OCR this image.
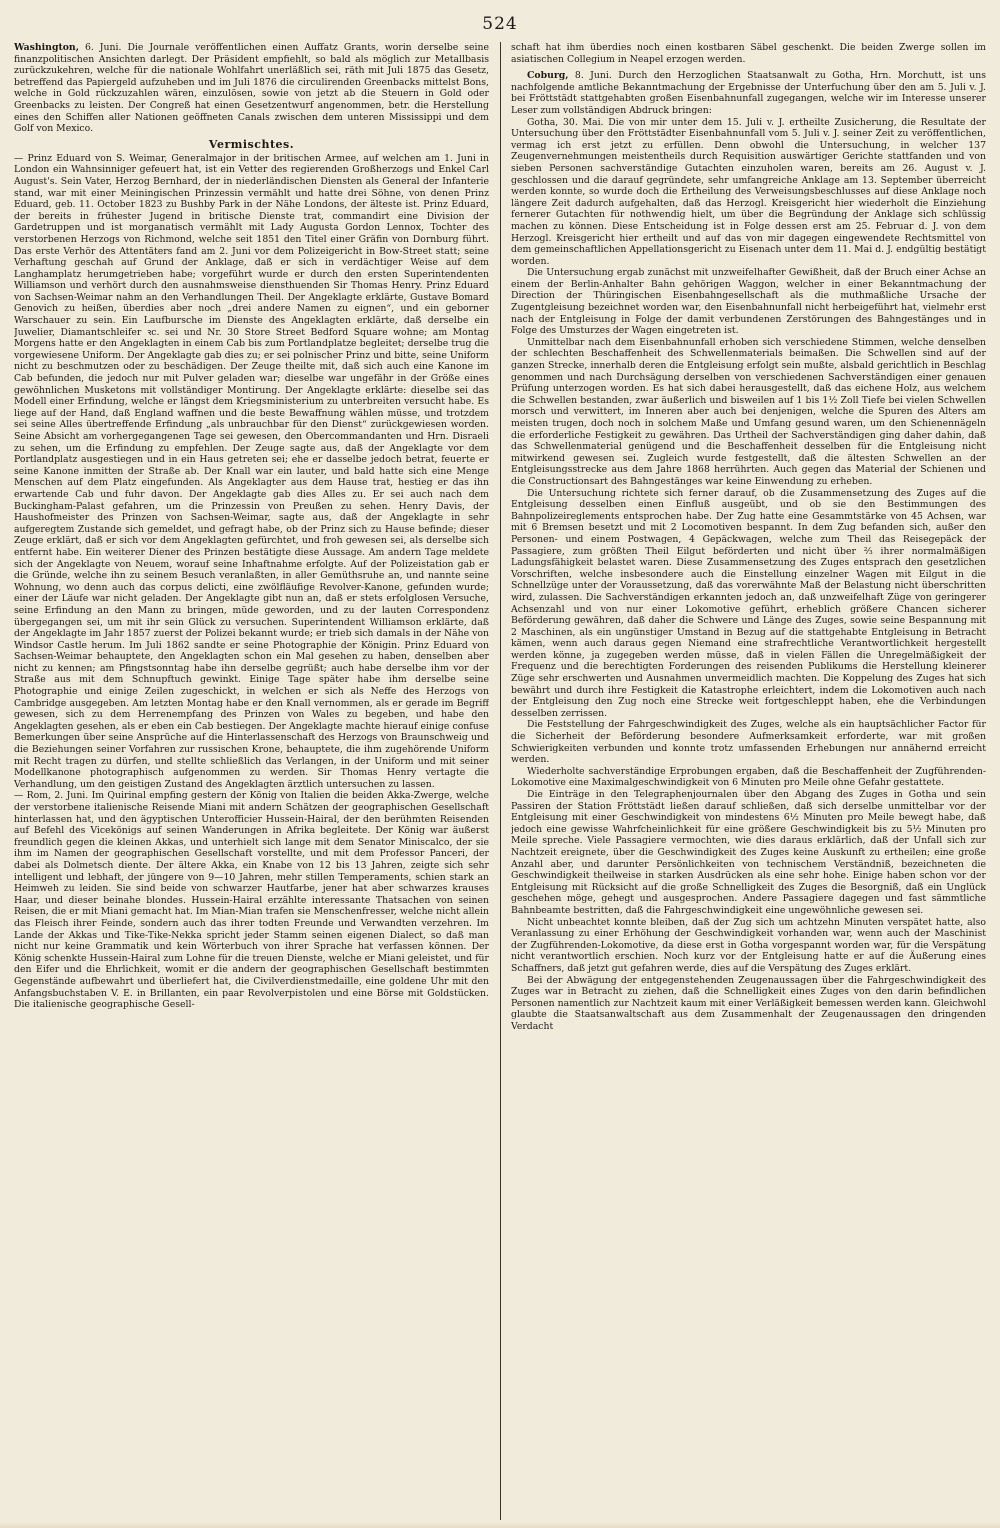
524

Washington, 6. Juni. Die Journale veröffentlichen einen Auffatz Grants, worin derselbe seine finanzpolitischen Ansichten darlegt. Der Präsident empfiehlt, so bald als möglich zur Metallbasis zurückzukehren, welche für die nationale Wohlfahrt unerläßlich sei, räth mit Juli 1875 das Gesetz, betreffend das Papiergeld aufzuheben und im Juli 1876 die circulirenden Greenbacks mittelst Bons, welche in Gold rückzuzahlen wären, einzulösen, sowie von jetzt ab die Steuern in Gold oder Greenbacks zu leisten. Der Congreß hat einen Gesetzentwurf angenommen, betr. die Herstellung eines den Schiffen aller Nationen geöffneten Canals zwischen dem unteren Mississippi und dem Golf von Mexico.

Vermischtes.

— Prinz Eduard von S. Weimar, Generalmajor in der britischen Armee, auf welchen am 1. Juni in London ein Wahnsinniger gefeuert hat, ist ein Vetter des regierenden Großherzogs und Enkel Carl August's. Sein Vater, Herzog Bernhard, der in niederländischen Diensten als General der Infanterie stand, war mit einer Meiningischen Prinzessin vermählt und hatte drei Söhne, von denen Prinz Eduard, geb. 11. October 1823 zu Bushby Park in der Nähe Londons, der älteste ist. Prinz Eduard, der bereits in frühester Jugend in britische Dienste trat, commandirt eine Division der Gardetruppen und ist morganatisch vermählt mit Lady Augusta Gordon Lennox, Tochter des verstorbenen Herzogs von Richmond, welche seit 1851 den Titel einer Gräfin von Dornburg führt. Das erste Verhör des Attentäters fand am 2. Juni vor dem Polizeigericht in Bow-Street statt; seine Verhaftung geschah auf Grund der Anklage, daß er sich in verdächtiger Weise auf dem Langhamplatz herumgetrieben habe; vorgeführt wurde er durch den ersten Superintendenten Williamson und verhört durch den ausnahmsweise diensthuenden Sir Thomas Henry. Prinz Eduard von Sachsen-Weimar nahm an den Verhandlungen Theil. Der Angeklagte erklärte, Gustave Bomard Genovich zu heißen, überdies aber noch „drei andere Namen zu eignen“, und ein geborner Warschauer zu sein. Ein Laufbursche im Dienste des Angeklagten erklärte, daß derselbe ein Juwelier, Diamantschleifer ꝛc. sei und Nr. 30 Store Street Bedford Square wohne; am Montag Morgens hatte er den Angeklagten in einem Cab bis zum Portlandplatze begleitet; derselbe trug die vorgewiesene Uniform. Der Angeklagte gab dies zu; er sei polnischer Prinz und bitte, seine Uniform nicht zu beschmutzen oder zu beschädigen. Der Zeuge theilte mit, daß sich auch eine Kanone im Cab befunden, die jedoch nur mit Pulver geladen war; dieselbe war ungefähr in der Größe eines gewöhnlichen Musketons mit vollständiger Montirung. Der Angeklagte erklärte: dieselbe sei das Modell einer Erfindung, welche er längst dem Kriegsministerium zu unterbreiten versucht habe. Es liege auf der Hand, daß England waffnen und die beste Bewaffnung wählen müsse, und trotzdem sei seine Alles übertreffende Erfindung „als unbrauchbar für den Dienst“ zurückgewiesen worden. Seine Absicht am vorhergegangenen Tage sei gewesen, den Obercommandanten und Hrn. Disraeli zu sehen, um die Erfindung zu empfehlen. Der Zeuge sagte aus, daß der Angeklagte vor dem Portlandplatz ausgestiegen und in ein Haus getreten sei; ehe er dasselbe jedoch betrat, feuerte er seine Kanone inmitten der Straße ab. Der Knall war ein lauter, und bald hatte sich eine Menge Menschen auf dem Platz eingefunden. Als Angeklagter aus dem Hause trat, hestieg er das ihn erwartende Cab und fuhr davon. Der Angeklagte gab dies Alles zu. Er sei auch nach dem Buckingham-Palast gefahren, um die Prinzessin von Preußen zu sehen. Henry Davis, der Haushofmeister des Prinzen von Sachsen-Weimar, sagte aus, daß der Angeklagte in sehr aufgeregtem Zustande sich gemeldet, und gefragt habe, ob der Prinz sich zu Hause befinde; dieser Zeuge erklärt, daß er sich vor dem Angeklagten gefürchtet, und froh gewesen sei, als derselbe sich entfernt habe. Ein weiterer Diener des Prinzen bestätigte diese Aussage. Am andern Tage meldete sich der Angeklagte von Neuem, worauf seine Inhaftnahme erfolgte. Auf der Polizeistation gab er die Gründe, welche ihn zu seinem Besuch veranlaßten, in aller Gemüthsruhe an, und nannte seine Wohnung, wo denn auch das corpus delicti, eine zwölfläufige Revolver-Kanone, gefunden wurde; einer der Läufe war nicht geladen. Der Angeklagte gibt nun an, daß er stets erfolglosen Versuche, seine Erfindung an den Mann zu bringen, müde geworden, und zu der lauten Correspondenz übergegangen sei, um mit ihr sein Glück zu versuchen. Superintendent Williamson erklärte, daß der Angeklagte im Jahr 1857 zuerst der Polizei bekannt wurde; er trieb sich damals in der Nähe von Windsor Castle herum. Im Juli 1862 sandte er seine Photographie der Königin. Prinz Eduard von Sachsen-Weimar behauptete, den Angeklagten schon ein Mal gesehen zu haben, denselben aber nicht zu kennen; am Pfingstsonntag habe ihn derselbe gegrüßt; auch habe derselbe ihm vor der Straße aus mit dem Schnupftuch gewinkt. Einige Tage später habe ihm derselbe seine Photographie und einige Zeilen zugeschickt, in welchen er sich als Neffe des Herzogs von Cambridge ausgegeben. Am letzten Montag habe er den Knall vernommen, als er gerade im Begriff gewesen, sich zu dem Herrenempfang des Prinzen von Wales zu begeben, und habe den Angeklagten gesehen, als er eben ein Cab bestiegen. Der Angeklagte machte hierauf einige confuse Bemerkungen über seine Ansprüche auf die Hinterlassenschaft des Herzogs von Braunschweig und die Beziehungen seiner Vorfahren zur russischen Krone, behauptete, die ihm zugehörende Uniform mit Recht tragen zu dürfen, und stellte schließlich das Verlangen, in der Uniform und mit seiner Modellkanone photographisch aufgenommen zu werden. Sir Thomas Henry vertagte die Verhandlung, um den geistigen Zustand des Angeklagten ärztlich untersuchen zu lassen.

— Rom, 2. Juni. Im Quirinal empfing gestern der König von Italien die beiden Akka-Zwerge, welche der verstorbene italienische Reisende Miani mit andern Schätzen der geographischen Gesellschaft hinterlassen hat, und den ägyptischen Unterofficier Hussein-Hairal, der den berühmten Reisenden auf Befehl des Vicekönigs auf seinen Wanderungen in Afrika begleitete. Der König war äußerst freundlich gegen die kleinen Akkas, und unterhielt sich lange mit dem Senator Miniscalco, der sie ihm im Namen der geographischen Gesellschaft vorstellte, und mit dem Professor Panceri, der dabei als Dolmetsch diente. Der ältere Akka, ein Knabe von 12 bis 13 Jahren, zeigte sich sehr intelligent und lebhaft, der jüngere von 9—10 Jahren, mehr stillen Temperaments, schien stark an Heimweh zu leiden. Sie sind beide von schwarzer Hautfarbe, jener hat aber schwarzes krauses Haar, und dieser beinahe blondes. Hussein-Hairal erzählte interessante Thatsachen von seinen Reisen, die er mit Miani gemacht hat. Im Mian-Mian trafen sie Menschenfresser, welche nicht allein das Fleisch ihrer Feinde, sondern auch das ihrer todten Freunde und Verwandten verzehren. Im Lande der Akkas und Tike-Tike-Nekka spricht jeder Stamm seinen eigenen Dialect, so daß man nicht nur keine Grammatik und kein Wörterbuch von ihrer Sprache hat verfassen können. Der König schenkte Hussein-Hairal zum Lohne für die treuen Dienste, welche er Miani geleistet, und für den Eifer und die Ehrlichkeit, womit er die andern der geographischen Gesellschaft bestimmten Gegenstände aufbewahrt und überliefert hat, die Civilverdienstmedaille, eine goldene Uhr mit den Anfangsbuchstaben V. E. in Brillanten, ein paar Revolverpistolen und eine Börse mit Goldstücken. Die italienische geographische Gesell-

schaft hat ihm überdies noch einen kostbaren Säbel geschenkt. Die beiden Zwerge sollen im asiatischen Collegium in Neapel erzogen werden.

Coburg, 8. Juni. Durch den Herzoglichen Staatsanwalt zu Gotha, Hrn. Morchutt, ist uns nachfolgende amtliche Bekanntmachung der Ergebnisse der Unterfuchung über den am 5. Juli v. J. bei Fröttstädt stattgehabten großen Eisenbahnunfall zugegangen, welche wir im Interesse unserer Leser zum vollständigen Abdruck bringen:

Gotha, 30. Mai. Die von mir unter dem 15. Juli v. J. ertheilte Zusicherung, die Resultate der Untersuchung über den Fröttstädter Eisenbahnunfall vom 5. Juli v. J. seiner Zeit zu veröffentlichen, vermag ich erst jetzt zu erfüllen. Denn obwohl die Untersuchung, in welcher 137 Zeugenvernehmungen meistentheils durch Requisition auswärtiger Gerichte stattfanden und von sieben Personen sachverständige Gutachten einzuholen waren, bereits am 26. August v. J. geschlossen und die darauf gegründete, sehr umfangreiche Anklage am 13. September überreicht werden konnte, so wurde doch die Ertheilung des Verweisungsbeschlusses auf diese Anklage noch längere Zeit dadurch aufgehalten, daß das Herzogl. Kreisgericht hier wiederholt die Einziehung fernerer Gutachten für nothwendig hielt, um über die Begründung der Anklage sich schlüssig machen zu können. Diese Entscheidung ist in Folge dessen erst am 25. Februar d. J. von dem Herzogl. Kreisgericht hier ertheilt und auf das von mir dagegen eingewendete Rechtsmittel von dem gemeinschaftlichen Appellationsgericht zu Eisenach unter dem 11. Mai d. J. endgültig bestätigt worden.

Die Untersuchung ergab zunächst mit unzweifelhafter Gewißheit, daß der Bruch einer Achse an einem der Berlin-Anhalter Bahn gehörigen Waggon, welcher in einer Bekanntmachung der Direction der Thüringischen Eisenbahngesellschaft als die muthmaßliche Ursache der Zugentgleisung bezeichnet worden war, den Eisenbahnunfall nicht herbeigeführt hat, vielmehr erst nach der Entgleisung in Folge der damit verbundenen Zerstörungen des Bahngestänges und in Folge des Umsturzes der Wagen eingetreten ist.

Unmittelbar nach dem Eisenbahnunfall erhoben sich verschiedene Stimmen, welche denselben der schlechten Beschaffenheit des Schwellenmaterials beimaßen. Die Schwellen sind auf der ganzen Strecke, innerhalb deren die Entgleisung erfolgt sein mußte, alsbald gerichtlich in Beschlag genommen und nach Durchsägung derselben von verschiedenen Sachverständigen einer genauen Prüfung unterzogen worden. Es hat sich dabei herausgestellt, daß das eichene Holz, aus welchem die Schwellen bestanden, zwar äußerlich und bisweilen auf 1 bis 1½ Zoll Tiefe bei vielen Schwellen morsch und verwittert, im Inneren aber auch bei denjenigen, welche die Spuren des Alters am meisten trugen, doch noch in solchem Maße und Umfang gesund waren, um den Schienennägeln die erforderliche Festigkeit zu gewähren. Das Urtheil der Sachverständigen ging daher dahin, daß das Schwellenmaterial genügend und die Beschaffenheit desselben für die Entgleisung nicht mitwirkend gewesen sei. Zugleich wurde festgestellt, daß die ältesten Schwellen an der Entgleisungsstrecke aus dem Jahre 1868 herrührten. Auch gegen das Material der Schienen und die Constructionsart des Bahngestänges war keine Einwendung zu erheben.

Die Untersuchung richtete sich ferner darauf, ob die Zusammensetzung des Zuges auf die Entgleisung desselben einen Einfluß ausgeübt, und ob sie den Bestimmungen des Bahnpolizeireglements entsprochen habe. Der Zug hatte eine Gesammtstärke von 45 Achsen, war mit 6 Bremsen besetzt und mit 2 Locomotiven bespannt. In dem Zug befanden sich, außer den Personen- und einem Postwagen, 4 Gepäckwagen, welche zum Theil das Reisegepäck der Passagiere, zum größten Theil Eilgut beförderten und nicht über ⅔ ihrer normalmäßigen Ladungsfähigkeit belastet waren. Diese Zusammensetzung des Zuges entsprach den gesetzlichen Vorschriften, welche insbesondere auch die Einstellung einzelner Wagen mit Eilgut in die Schnellzüge unter der Voraussetzung, daß das vorerwähnte Maß der Belastung nicht überschritten wird, zulassen. Die Sachverständigen erkannten jedoch an, daß unzweifelhaft Züge von geringerer Achsenzahl und von nur einer Lokomotive geführt, erheblich größere Chancen sicherer Beförderung gewähren, daß daher die Schwere und Länge des Zuges, sowie seine Bespannung mit 2 Maschinen, als ein ungünstiger Umstand in Bezug auf die stattgehabte Entgleisung in Betracht kämen, wenn auch daraus gegen Niemand eine strafrechtliche Verantwortlichkeit hergestellt werden könne, ja zugegeben werden müsse, daß in vielen Fällen die Unregelmäßigkeit der Frequenz und die berechtigten Forderungen des reisenden Publikums die Herstellung kleinerer Züge sehr erschwerten und Ausnahmen unvermeidlich machten. Die Koppelung des Zuges hat sich bewährt und durch ihre Festigkeit die Katastrophe erleichtert, indem die Lokomotiven auch nach der Entgleisung den Zug noch eine Strecke weit fortgeschleppt haben, ehe die Verbindungen desselben zerrissen.

Die Feststellung der Fahrgeschwindigkeit des Zuges, welche als ein hauptsächlicher Factor für die Sicherheit der Beförderung besondere Aufmerksamkeit erforderte, war mit großen Schwierigkeiten verbunden und konnte trotz umfassenden Erhebungen nur annähernd erreicht werden.

Wiederholte sachverständige Erprobungen ergaben, daß die Beschaffenheit der Zugführenden-Lokomotive eine Maximalgeschwindigkeit von 6 Minuten pro Meile ohne Gefahr gestattete.

Die Einträge in den Telegraphenjournalen über den Abgang des Zuges in Gotha und sein Passiren der Station Fröttstädt ließen darauf schließen, daß sich derselbe unmittelbar vor der Entgleisung mit einer Geschwindigkeit von mindestens 6½ Minuten pro Meile bewegt habe, daß jedoch eine gewisse Wahrfcheinlichkeit für eine größere Geschwindigkeit bis zu 5½ Minuten pro Meile spreche. Viele Passagiere vermochten, wie dies daraus erklärlich, daß der Unfall sich zur Nachtzeit ereignete, über die Geschwindigkeit des Zuges keine Auskunft zu ertheilen; eine große Anzahl aber, und darunter Persönlichkeiten von technischem Verständniß, bezeichneten die Geschwindigkeit theilweise in starken Ausdrücken als eine sehr hohe. Einige haben schon vor der Entgleisung mit Rücksicht auf die große Schnelligkeit des Zuges die Besorgniß, daß ein Unglück geschehen möge, gehegt und ausgesprochen. Andere Passagiere dagegen und fast sämmtliche Bahnbeamte bestritten, daß die Fahrgeschwindigkeit eine ungewöhnliche gewesen sei.

Nicht unbeachtet konnte bleiben, daß der Zug sich um achtzehn Minuten verspätet hatte, also Veranlassung zu einer Erhöhung der Geschwindigkeit vorhanden war, wenn auch der Maschinist der Zugführenden-Lokomotive, da diese erst in Gotha vorgespannt worden war, für die Verspätung nicht verantwortlich erschien. Noch kurz vor der Entgleisung hatte er auf die Äußerung eines Schaffners, daß jetzt gut gefahren werde, dies auf die Verspätung des Zuges erklärt.

Bei der Abwägung der entgegenstehenden Zeugenaussagen über die Fahrgeschwindigkeit des Zuges war in Betracht zu ziehen, daß die Schnelligkeit eines Zuges von den darin befindlichen Personen namentlich zur Nachtzeit kaum mit einer Verläßigkeit bemessen werden kann. Gleichwohl glaubte die Staatsanwaltschaft aus dem Zusammenhalt der Zeugenaussagen den dringenden Verdacht
